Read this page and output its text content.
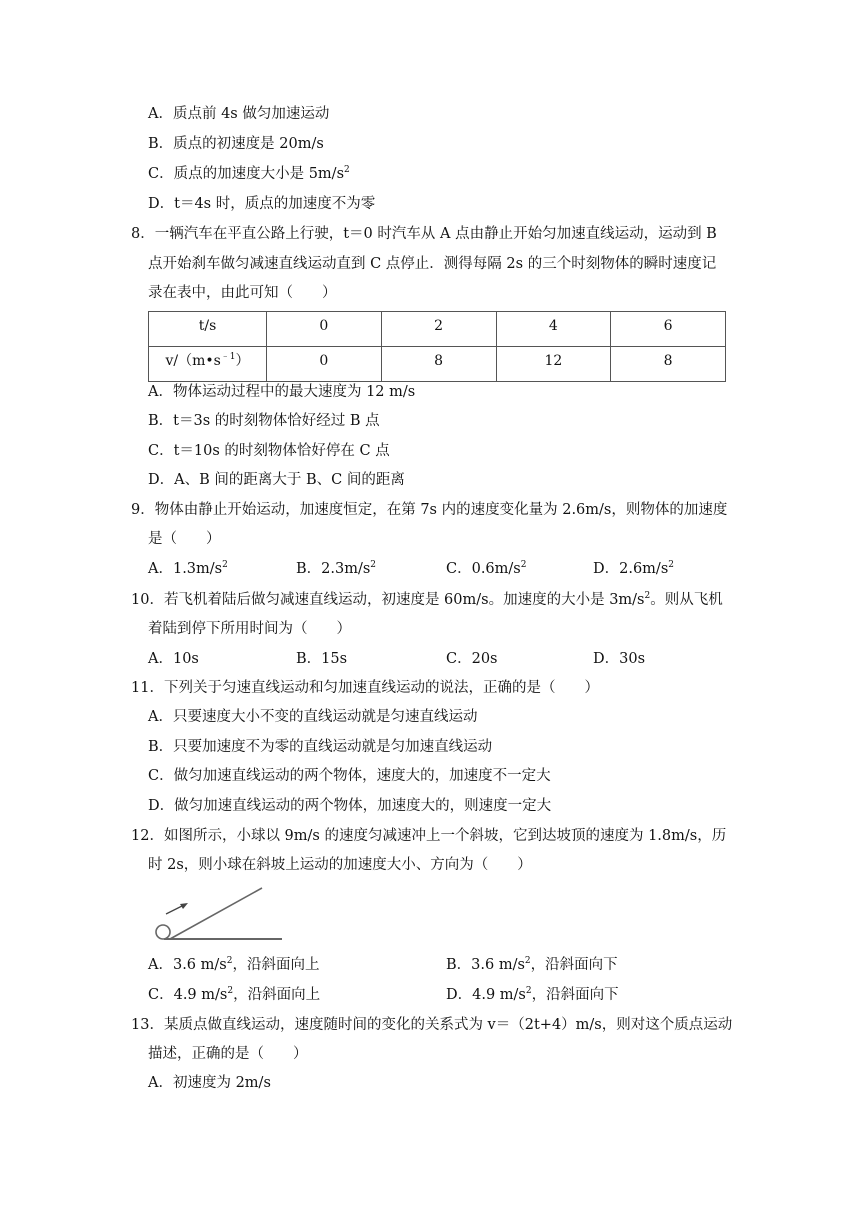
A．质点前 4s 做匀加速运动
B．质点的初速度是 20m/s
C．质点的加速度大小是 $5m/s^2$
D．t＝4s 时，质点的加速度不为零
8．一辆汽车在平直公路上行驶，t＝0 时汽车从 A 点由静止开始匀加速直线运动，运动到 B
点开始刹车做匀减速直线运动直到 C 点停止．测得每隔 2s 的三个时刻物体的瞬时速度记
录在表中，由此可知（　　）
t/s	0	2	4	6
$v/(m•s^{﹣1})$	0	8	12	8
A．物体运动过程中的最大速度为 12 m/s
B．t＝3s 的时刻物体恰好经过 B 点
C．t＝10s 的时刻物体恰好停在 C 点
D．A、B 间的距离大于 B、C 间的距离
9．物体由静止开始运动，加速度恒定，在第 7s 内的速度变化量为 2.6m/s，则物体的加速度
是（　　）
A．$1.3m/s^2$	B．$2.3m/s^2$	C．$0.6m/s^2$	D．$2.6m/s^2$
10．若飞机着陆后做匀减速直线运动，初速度是 60m/s。加速度的大小是 $3m/s^2$。则从飞机
着陆到停下所用时间为（　　）
A．10s	B．15s	C．20s	D．30s
11．下列关于匀速直线运动和匀加速直线运动的说法，正确的是（　　）
A．只要速度大小不变的直线运动就是匀速直线运动
B．只要加速度不为零的直线运动就是匀加速直线运动
C．做匀加速直线运动的两个物体，速度大的，加速度不一定大
D．做匀加速直线运动的两个物体，加速度大的，则速度一定大
12．如图所示，小球以 9m/s 的速度匀减速冲上一个斜坡，它到达坡顶的速度为 1.8m/s，历
时 2s，则小球在斜坡上运动的加速度大小、方向为（　　）
A．3.6 $m/s^2$，沿斜面向上	B．3.6 $m/s^2$，沿斜面向下
C．4.9 $m/s^2$，沿斜面向上	D．4.9 $m/s^2$，沿斜面向下
13．某质点做直线运动，速度随时间的变化的关系式为 v＝（2t+4）m/s，则对这个质点运动
描述，正确的是（　　）
A．初速度为 2m/s
